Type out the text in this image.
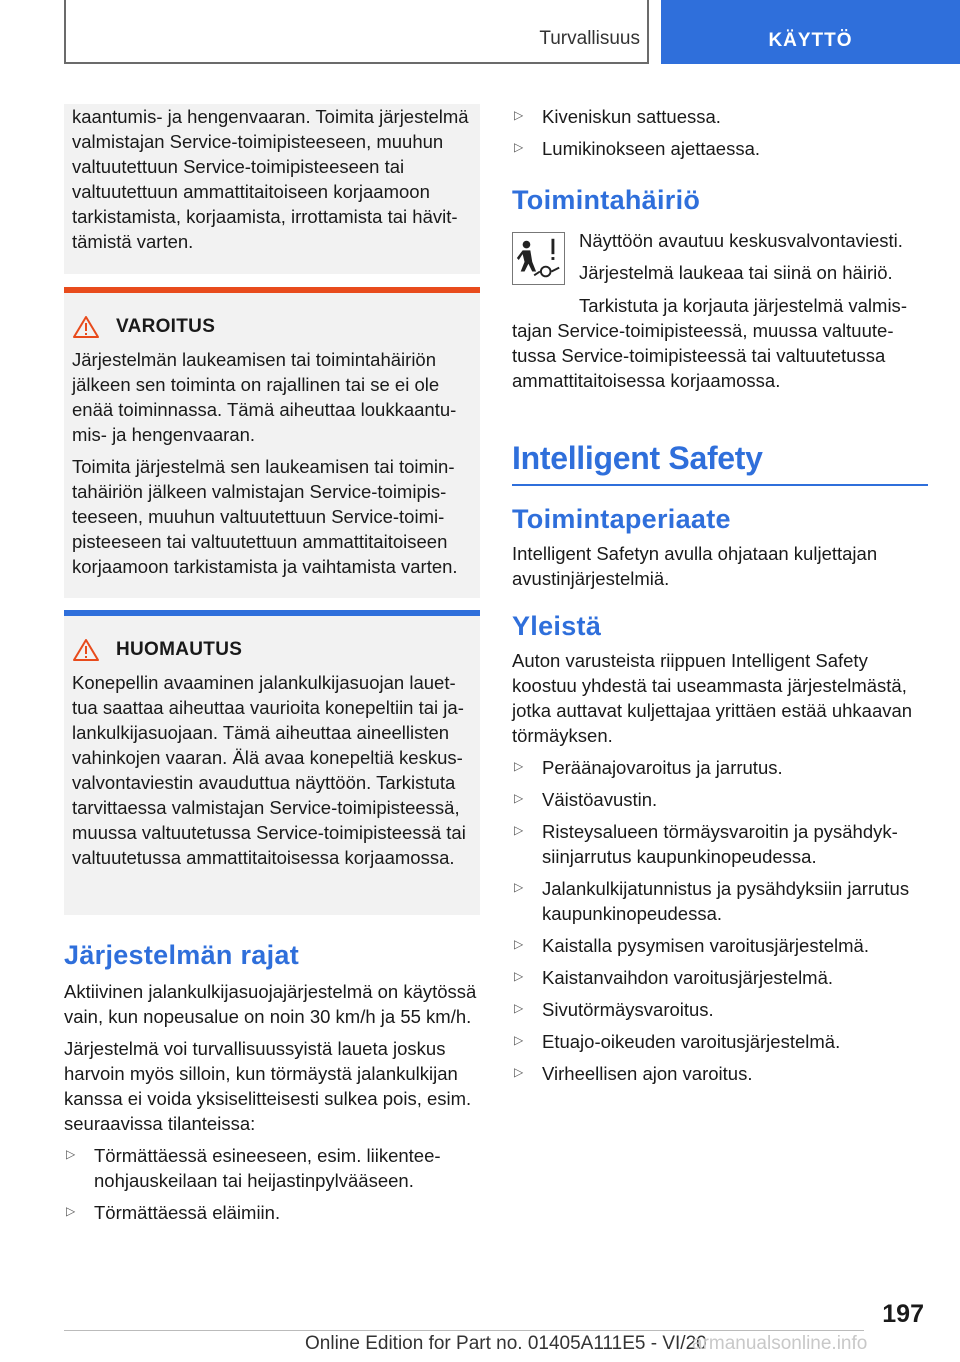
Turvallisuus	KÄYTTÖ

kaantumis- ja hengenvaaran. Toimita järjestelmä valmistajan Service-toimipisteeseen, muuhun valtuutettuun Service-toimipisteeseen tai valtuutettuun ammattitaitoiseen korjaamoon tarkistamista, korjaamista, irrottamista tai hävittämistä varten.

VAROITUS

Järjestelmän laukeamisen tai toimintahäiriön jälkeen sen toiminta on rajallinen tai se ei ole enää toiminnassa. Tämä aiheuttaa loukkaantumis- ja hengenvaaran.

Toimita järjestelmä sen laukeamisen tai toimintahäiriön jälkeen valmistajan Service-toimipisteeseen, muuhun valtuutettuun Service-toimipisteeseen tai valtuutettuun ammattitaitoiseen korjaamoon tarkistamista ja vaihtamista varten.

HUOMAUTUS

Konepellin avaaminen jalankulkijasuojan lauettua saattaa aiheuttaa vaurioita konepeltiin tai jalankulkijasuojaan. Tämä aiheuttaa aineellisten vahinkojen vaaran. Älä avaa konepeltiä keskusvalvontaviestin avauduttua näyttöön. Tarkistuta tarvittaessa valmistajan Service-toimipisteessä, muussa valtuutetussa Service-toimipisteessä tai valtuutetussa ammattitaitoisessa korjaamossa.

Järjestelmän rajat

Aktiivinen jalankulkijasuojajärjestelmä on käytössä vain, kun nopeusalue on noin 30 km/h ja 55 km/h.

Järjestelmä voi turvallisuussyistä laueta joskus harvoin myös silloin, kun törmäystä jalankulkijan kanssa ei voida yksiselitteisesti sulkea pois, esim. seuraavissa tilanteissa:

▷ Törmättäessä esineeseen, esim. liikenteenohjauskeilaan tai heijastinpylvääseen.
▷ Törmättäessä eläimiin.
▷ Kiveniskun sattuessa.
▷ Lumikinokseen ajettaessa.
Toimintahäiriö

Näyttöön avautuu keskusvalvontaviesti.

Järjestelmä laukeaa tai siinä on häiriö.

Tarkistuta ja korjauta järjestelmä valmistajan Service-toimipisteessä, muussa valtuutetussa Service-toimipisteessä tai valtuutetussa ammattitaitoisessa korjaamossa.

Intelligent Safety
Toimintaperiaate

Intelligent Safetyn avulla ohjataan kuljettajan avustinjärjestelmiä.

Yleistä

Auton varusteista riippuen Intelligent Safety koostuu yhdestä tai useammasta järjestelmästä, jotka auttavat kuljettajaa yrittäen estää uhkaavan törmäyksen.

▷ Peräänajovaroitus ja jarrutus.
▷ Väistöavustin.
▷ Risteysalueen törmäysvaroitin ja pysähdyksiinjarrutus kaupunkinopeudessa.
▷ Jalankulkijatunnistus ja pysähdyksiin jarrutus kaupunkinopeudessa.
▷ Kaistalla pysymisen varoitusjärjestelmä.
▷ Kaistanvaihdon varoitusjärjestelmä.
▷ Sivutörmäysvaroitus.
▷ Etuajo-oikeuden varoitusjärjestelmä.
▷ Virheellisen ajon varoitus.
197
Online Edition for Part no. 01405A111E5 - VI/20
armanualsonline.info
